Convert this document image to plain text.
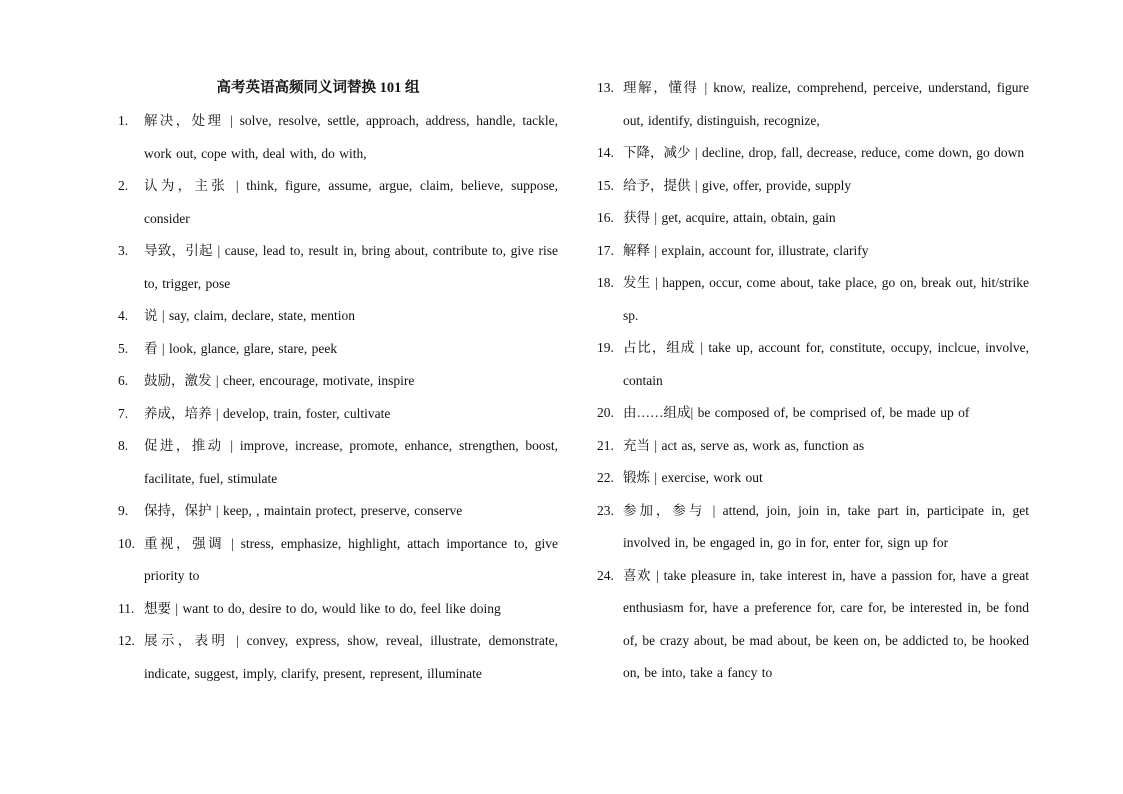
高考英语高频同义词替换 101 组
1.	解决，处理 | solve, resolve, settle, approach, address, handle, tackle, work out, cope with, deal with, do with,
2.	认为，主张 | think, figure, assume, argue, claim, believe, suppose, consider
3.	导致，引起 | cause, lead to, result in, bring about, contribute to, give rise to, trigger, pose
4.	说 | say, claim, declare, state, mention
5.	看 | look, glance, glare, stare, peek
6.	鼓励，激发 | cheer, encourage, motivate, inspire
7.	养成，培养 | develop, train, foster, cultivate
8.	促进，推动 | improve, increase, promote, enhance, strengthen, boost, facilitate, fuel, stimulate
9.	保持，保护 | keep, , maintain protect, preserve, conserve
10. 重视，强调 | stress, emphasize, highlight, attach importance to, give priority to
11. 想要 | want to do, desire to do, would like to do, feel like doing
12. 展示，表明 | convey, express, show, reveal, illustrate, demonstrate, indicate, suggest, imply, clarify, present, represent, illuminate
13. 理解，懂得 | know, realize, comprehend, perceive, understand, figure out, identify, distinguish, recognize,
14. 下降，减少 | decline, drop, fall, decrease, reduce, come down, go down
15. 给予，提供 | give, offer, provide, supply
16. 获得 | get, acquire, attain, obtain, gain
17. 解释 | explain, account for, illustrate, clarify
18. 发生 | happen, occur, come about, take place, go on, break out, hit/strike sp.
19. 占比，组成 | take up, account for, constitute, occupy, inclcue, involve, contain
20. 由……组成| be composed of, be comprised of, be made up of
21. 充当 | act as, serve as, work as, function as
22. 锻炼 | exercise, work out
23. 参加，参与 | attend, join, join in, take part in, participate in, get involved in, be engaged in, go in for, enter for, sign up for
24. 喜欢 | take pleasure in, take interest in, have a passion for, have a great enthusiasm for, have a preference for, care for, be interested in, be fond of, be crazy about, be mad about, be keen on, be addicted to, be hooked on, be into, take a fancy to
